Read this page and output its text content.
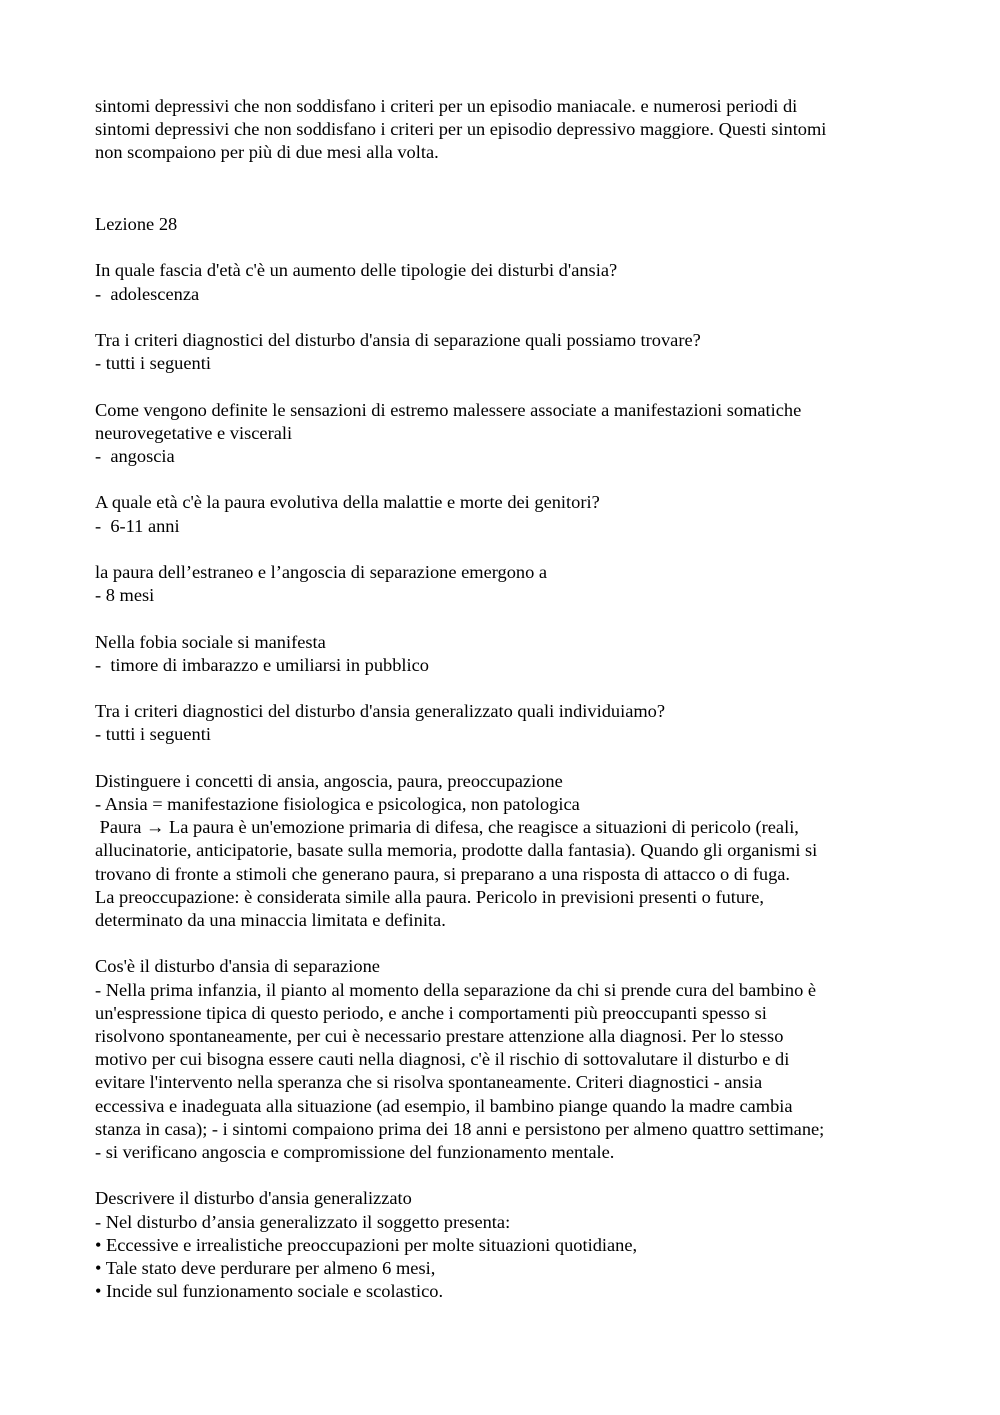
sintomi depressivi che non soddisfano i criteri per un episodio maniacale. e numerosi periodi di
sintomi depressivi che non soddisfano i criteri per un episodio depressivo maggiore. Questi sintomi
non scompaiono per più di due mesi alla volta.
Lezione 28
In quale fascia d'età c'è un aumento delle tipologie dei disturbi d'ansia?
-  adolescenza
Tra i criteri diagnostici del disturbo d'ansia di separazione quali possiamo trovare?
- tutti i seguenti
Come vengono definite le sensazioni di estremo malessere associate a manifestazioni somatiche
neurovegetative e viscerali
-  angoscia
A quale età c'è la paura evolutiva della malattie e morte dei genitori?
-  6-11 anni
la paura dell’estraneo e l’angoscia di separazione emergono a
- 8 mesi
Nella fobia sociale si manifesta
-  timore di imbarazzo e umiliarsi in pubblico
Tra i criteri diagnostici del disturbo d'ansia generalizzato quali individuiamo?
- tutti i seguenti
Distinguere i concetti di ansia, angoscia, paura, preoccupazione
- Ansia = manifestazione fisiologica e psicologica, non patologica
Paura → La paura è un'emozione primaria di difesa, che reagisce a situazioni di pericolo (reali,
allucinatorie, anticipatorie, basate sulla memoria, prodotte dalla fantasia). Quando gli organismi si
trovano di fronte a stimoli che generano paura, si preparano a una risposta di attacco o di fuga.
La preoccupazione: è considerata simile alla paura. Pericolo in previsioni presenti o future,
determinato da una minaccia limitata e definita.
Cos'è il disturbo d'ansia di separazione
- Nella prima infanzia, il pianto al momento della separazione da chi si prende cura del bambino è
un'espressione tipica di questo periodo, e anche i comportamenti più preoccupanti spesso si
risolvono spontaneamente, per cui è necessario prestare attenzione alla diagnosi. Per lo stesso
motivo per cui bisogna essere cauti nella diagnosi, c'è il rischio di sottovalutare il disturbo e di
evitare l'intervento nella speranza che si risolva spontaneamente. Criteri diagnostici - ansia
eccessiva e inadeguata alla situazione (ad esempio, il bambino piange quando la madre cambia
stanza in casa); - i sintomi compaiono prima dei 18 anni e persistono per almeno quattro settimane;
- si verificano angoscia e compromissione del funzionamento mentale.
Descrivere il disturbo d'ansia generalizzato
- Nel disturbo d’ansia generalizzato il soggetto presenta:
• Eccessive e irrealistiche preoccupazioni per molte situazioni quotidiane,
• Tale stato deve perdurare per almeno 6 mesi,
• Incide sul funzionamento sociale e scolastico.
